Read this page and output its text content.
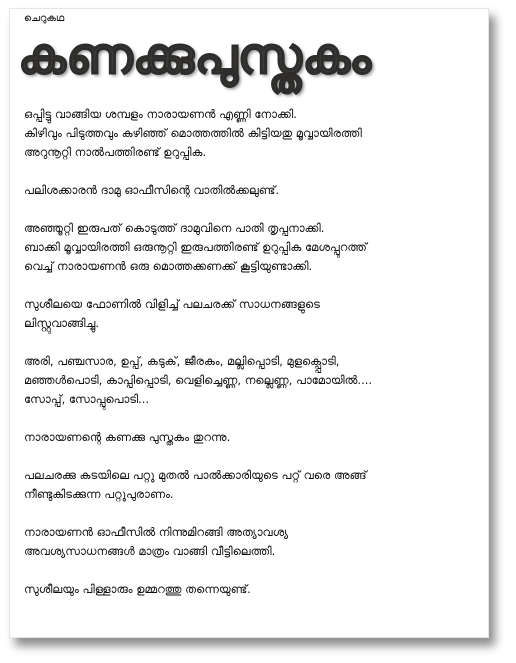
ചെറുകഥ
കണക്കുപുസ്തകം

ഒപ്പിട്ടു വാങ്ങിയ ശമ്പളം നാരായണന്‍ എണ്ണി നോക്കി.
കിഴിവും പിടുത്തവും കഴിഞ്ഞ് മൊത്തത്തില്‍ കിട്ടിയതു മൂവ്വായിരത്തി
അറുനൂറ്റി നാല്‍പത്തിരണ്ട് ഉറുപ്പിക.

പലിശക്കാരന്‍ ദാമു ഓഫീസിന്റെ വാതില്‍ക്കലുണ്ട്.

അഞ്ഞൂറ്റി ഇരുപത് കൊടുത്ത് ദാമുവിനെ പാതി തൃപ്പനാക്കി.
ബാക്കി മൂവ്വായിരത്തി ഒരുനൂറ്റി ഇരുപത്തിരണ്ട് ഉറുപ്പിക മേശപ്പുറത്ത്
വെച്ച് നാരായണന്‍ ഒരു മൊത്തക്കണക്ക് കൂട്ടിയുണ്ടാക്കി.

സുശീലയെ ഫോണില്‍ വിളിച്ച് പലചരക്ക് സാധനങ്ങളുടെ
ലിസ്റ്റുവാങ്ങിച്ചു.

അരി, പഞ്ചസാര, ഉപ്പ്, കടുക്, ജീരകം, മല്ലിപ്പൊടി, മുളക്പ്പൊടി,
മഞ്ഞള്‍പൊടി, കാപ്പിപ്പൊടി, വെളിച്ചെണ്ണ, നല്ലെണ്ണ, പാമോയില്‍....
സോപ്പ്, സോപ്പുപൊടി...

നാരായണന്റെ കണക്കു പുസ്തകം തുറന്നു.

പലചരക്കു കടയിലെ പറ്റു മുതല്‍ പാല്‍ക്കാരിയുടെ പറ്റ് വരെ അങ്ങ്
നീണ്ടുകിടക്കുന്ന പറ്റുപുരാണം.

നാരായണന്‍ ഓഫീസില്‍ നിന്നുമിറങ്ങി അത്യാവശ്യ
അവശ്യസാധനങ്ങള്‍ മാത്രം വാങ്ങി വീട്ടിലെത്തി.

സുശീലയും പിള്ളാരും ഉമ്മറത്തു തന്നെയുണ്ട്.
